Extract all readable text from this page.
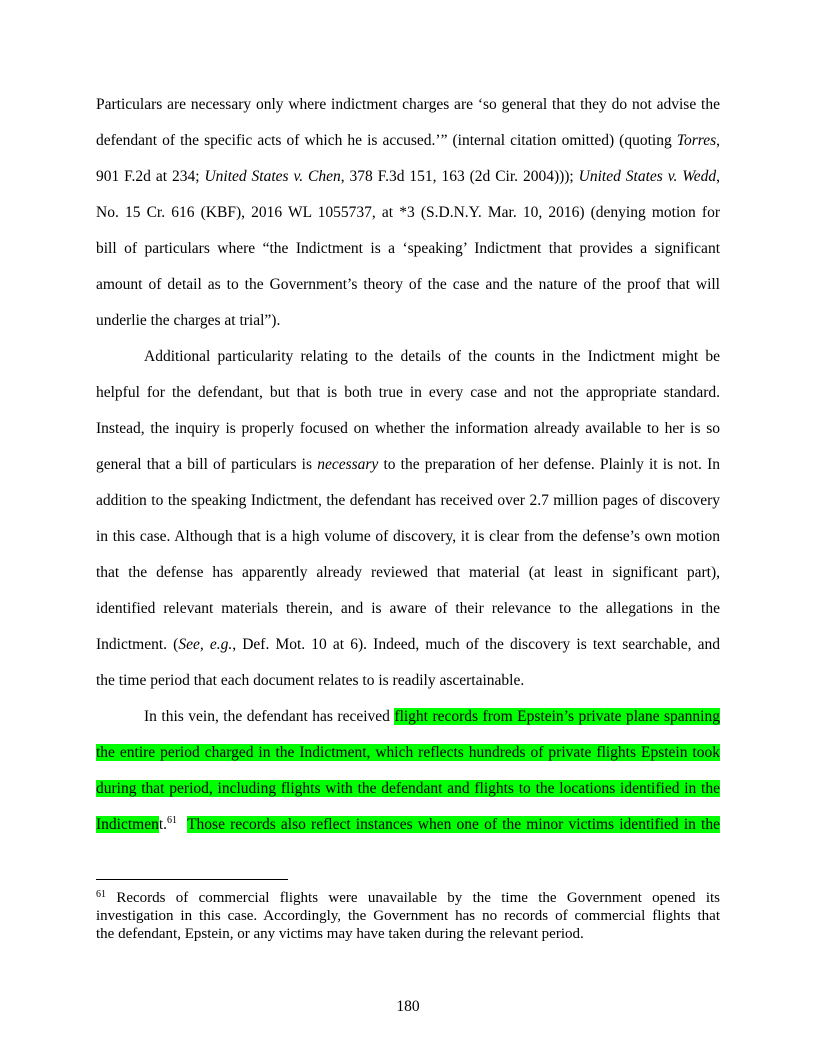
Particulars are necessary only where indictment charges are ‘so general that they do not advise the
defendant of the specific acts of which he is accused.’” (internal citation omitted) (quoting Torres,
901 F.2d at 234; United States v. Chen, 378 F.3d 151, 163 (2d Cir. 2004))); United States v. Wedd,
No. 15 Cr. 616 (KBF), 2016 WL 1055737, at *3 (S.D.N.Y. Mar. 10, 2016) (denying motion for
bill of particulars where “the Indictment is a ‘speaking’ Indictment that provides a significant
amount of detail as to the Government’s theory of the case and the nature of the proof that will
underlie the charges at trial”).
Additional particularity relating to the details of the counts in the Indictment might be
helpful for the defendant, but that is both true in every case and not the appropriate standard.
Instead, the inquiry is properly focused on whether the information already available to her is so
general that a bill of particulars is necessary to the preparation of her defense. Plainly it is not. In
addition to the speaking Indictment, the defendant has received over 2.7 million pages of discovery
in this case. Although that is a high volume of discovery, it is clear from the defense’s own motion
that the defense has apparently already reviewed that material (at least in significant part),
identified relevant materials therein, and is aware of their relevance to the allegations in the
Indictment. (See, e.g., Def. Mot. 10 at 6). Indeed, much of the discovery is text searchable, and
the time period that each document relates to is readily ascertainable.
In this vein, the defendant has received flight records from Epstein’s private plane spanning
the entire period charged in the Indictment, which reflects hundreds of private flights Epstein took
during that period, including flights with the defendant and flights to the locations identified in the
Indictment.$^{61}$ Those records also reflect instances when one of the minor victims identified in the
$^{61}$ Records of commercial flights were unavailable by the time the Government opened its
investigation in this case. Accordingly, the Government has no records of commercial flights that
the defendant, Epstein, or any victims may have taken during the relevant period.
180
